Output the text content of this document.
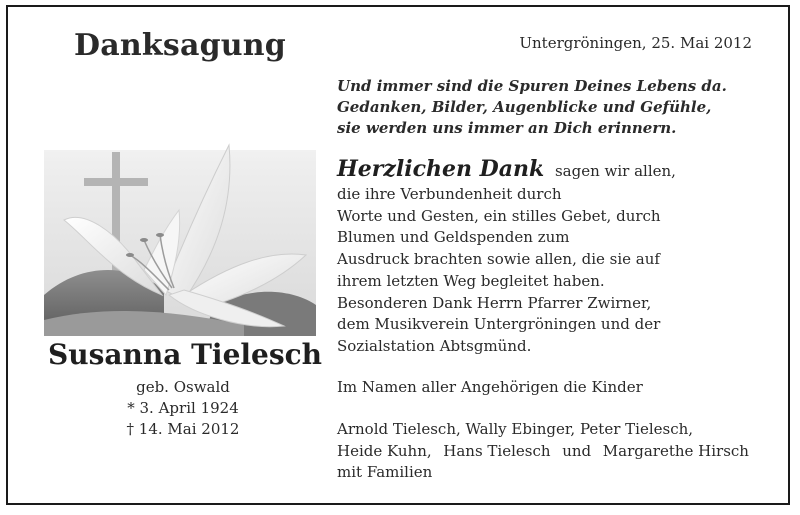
Danksagung	Untergröningen, 25. Mai 2012
Und immer sind die Spuren Deines Lebens da.
Gedanken, Bilder, Augenblicke und Gefühle,
sie werden uns immer an Dich erinnern.
Susanna Tielesch
geb. Oswald
* 3. April 1924
† 14. Mai 2012
Herzlichen Dank sagen wir allen,
die ihre Verbundenheit durch
Worte und Gesten, ein stilles Gebet, durch
Blumen und Geldspenden zum
Ausdruck brachten sowie allen, die sie auf
ihrem letzten Weg begleitet haben.
Besonderen Dank Herrn Pfarrer Zwirner,
dem Musikverein Untergröningen und der
Sozialstation Abtsgmünd.
Im Namen aller Angehörigen die Kinder
Arnold Tielesch, Wally Ebinger, Peter Tielesch,
Heide Kuhn, Hans Tielesch und Margarethe Hirsch
mit Familien
